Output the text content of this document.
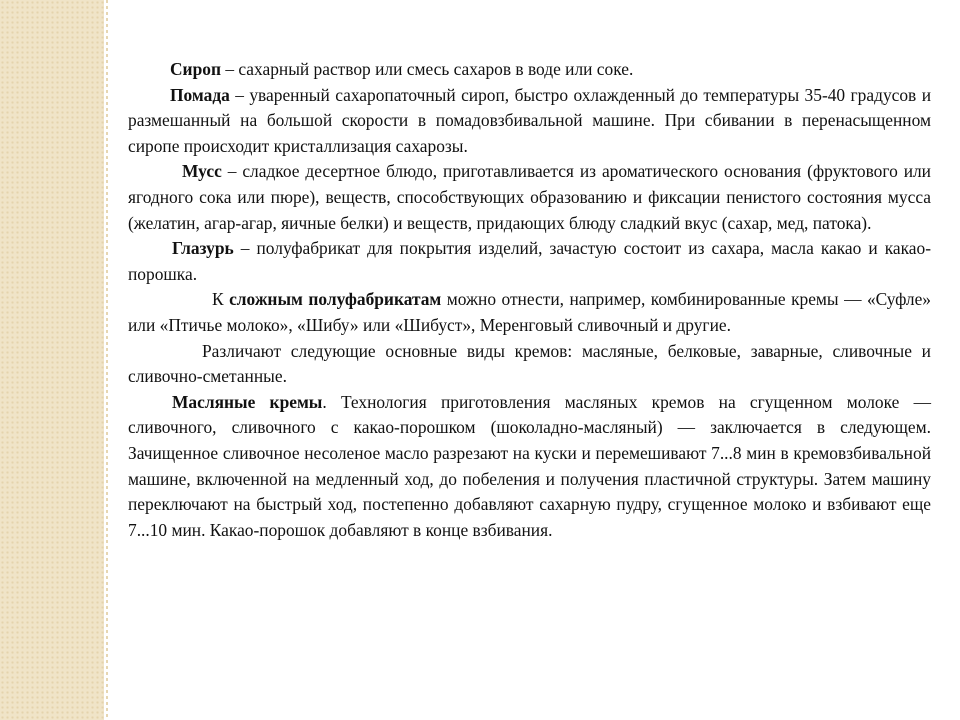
Сироп – сахарный раствор или смесь сахаров в воде или соке.

Помада – уваренный сахаропаточный сироп, быстро охлажденный до температуры 35-40 градусов и размешанный на большой скорости в помадовзбивальной машине. При сбивании в перенасыщенном сиропе происходит кристаллизация сахарозы.

Мусс – сладкое десертное блюдо, приготавливается из ароматического основания (фруктового или ягодного сока или пюре), веществ, способствующих образованию и фиксации пенистого состояния мусса (желатин, агар-агар, яичные белки) и веществ, придающих блюду сладкий вкус (сахар, мед, патока).

Глазурь – полуфабрикат для покрытия изделий, зачастую состоит из сахара, масла какао и какао-порошка.

К сложным полуфабрикатам можно отнести, например, комбинированные кремы — «Суфле» или «Птичье молоко», «Шибу» или «Шибуст», Меренговый сливочный и другие.

Различают следующие основные виды кремов: масляные, белковые, заварные, сливочные и сливочно-сметанные.

Масляные кремы. Технология приготовления масляных кремов на сгущенном молоке — сливочного, сливочного с какао-порошком (шоколадно-масляный) — заключается в следующем. Зачищенное сливочное несоленое масло разрезают на куски и перемешивают 7...8 мин в кремовзбивальной машине, включенной на медленный ход, до побеления и получения пластичной структуры. Затем машину переключают на быстрый ход, постепенно добавляют сахарную пудру, сгущенное молоко и взбивают еще 7...10 мин. Какао-порошок добавляют в конце взбивания.
